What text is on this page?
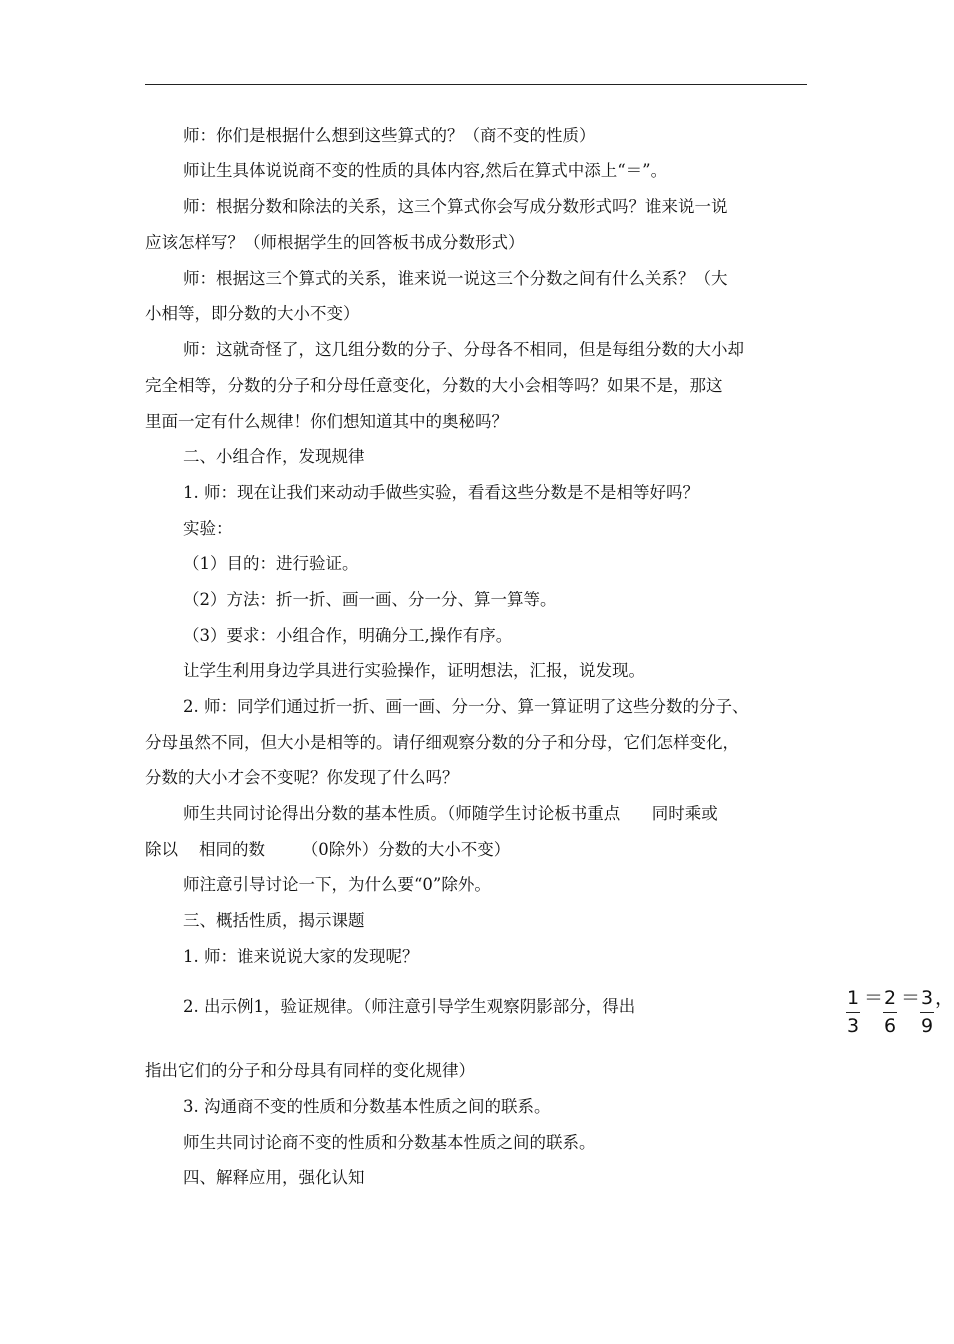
师：你们是根据什么想到这些算式的？（商不变的性质）
师让生具体说说商不变的性质的具体内容,然后在算式中添上“＝”。
师：根据分数和除法的关系，这三个算式你会写成分数形式吗？谁来说一说
应该怎样写？（师根据学生的回答板书成分数形式）
师：根据这三个算式的关系，谁来说一说这三个分数之间有什么关系？（大
小相等，即分数的大小不变）
师：这就奇怪了，这几组分数的分子、分母各不相同，但是每组分数的大小却
完全相等，分数的分子和分母任意变化，分数的大小会相等吗？如果不是，那这
里面一定有什么规律！你们想知道其中的奥秘吗？
二、小组合作，发现规律
1. 师：现在让我们来动动手做些实验，看看这些分数是不是相等好吗？
实验：
（1）目的：进行验证。
（2）方法：折一折、画一画、分一分、算一算等。
（3）要求：小组合作，明确分工,操作有序。
让学生利用身边学具进行实验操作，证明想法，汇报，说发现。
2. 师：同学们通过折一折、画一画、分一分、算一算证明了这些分数的分子、
分母虽然不同，但大小是相等的。请仔细观察分数的分子和分母，它们怎样变化，
分数的大小才会不变呢？你发现了什么吗？
师生共同讨论得出分数的基本性质。（师随学生讨论板书重点      同时乘或
除以    相同的数       （0除外）分数的大小不变）
师注意引导讨论一下，为什么要“0”除外。
三、概括性质，揭示课题
1. 师：谁来说说大家的发现呢？
2. 出示例1，验证规律。（师注意引导学生观察阴影部分，得出	1
3
＝ 2
6
＝ 3
9
，
指出它们的分子和分母具有同样的变化规律）
3. 沟通商不变的性质和分数基本性质之间的联系。
师生共同讨论商不变的性质和分数基本性质之间的联系。
四、解释应用，强化认知
